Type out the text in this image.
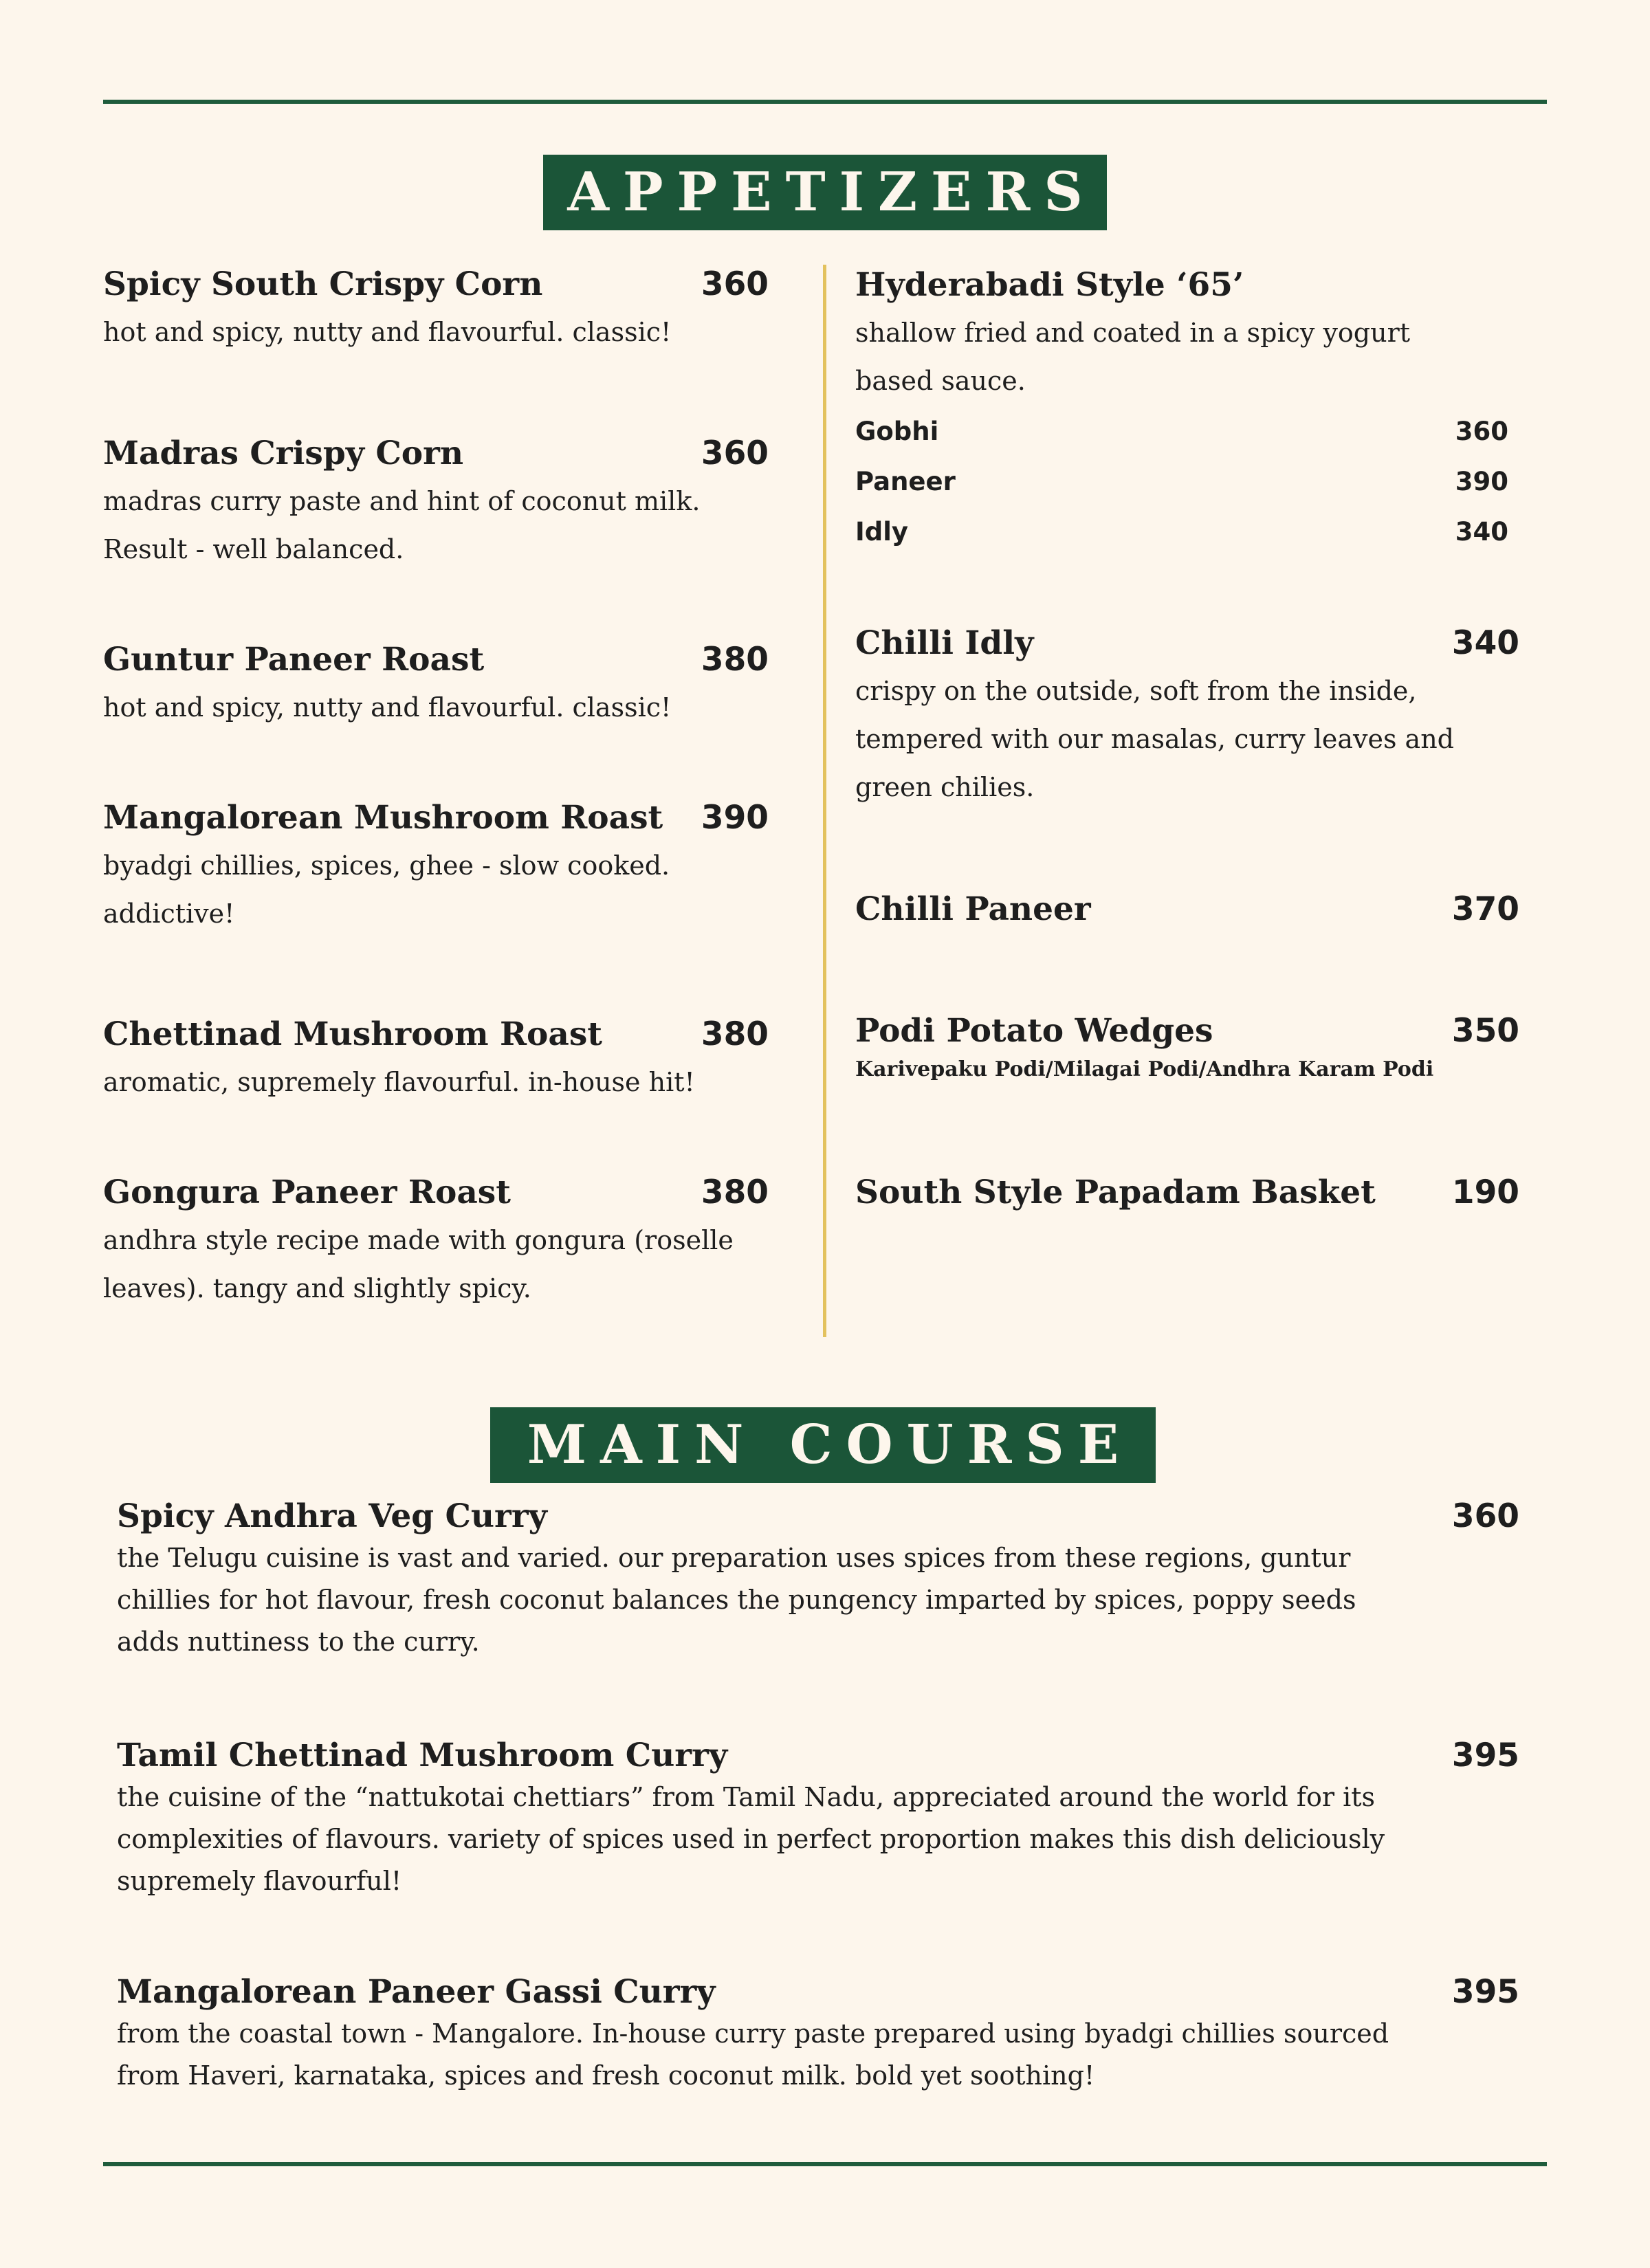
APPETIZERS
Spicy South Crispy Corn	360
hot and spicy, nutty and flavourful. classic!
Madras Crispy Corn	360
madras curry paste and hint of coconut milk. Result - well balanced.
Guntur Paneer Roast	380
hot and spicy, nutty and flavourful. classic!
Mangalorean Mushroom Roast 390
byadgi chillies, spices, ghee - slow cooked. addictive!
Chettinad Mushroom Roast	380
aromatic, supremely flavourful. in-house hit!
Gongura Paneer Roast	380
andhra style recipe made with gongura (roselle leaves). tangy and slightly spicy.
Hyderabadi Style ‘65’
shallow fried and coated in a spicy yogurt based sauce.
Gobhi	360
Paneer	390
Idly	340
Chilli Idly	340
crispy on the outside, soft from the inside, tempered with our masalas, curry leaves and green chilies.
Chilli Paneer	370
Podi Potato Wedges	350
Karivepaku Podi/Milagai Podi/Andhra Karam Podi
South Style Papadam Basket 190
MAIN COURSE
Spicy Andhra Veg Curry	360
the Telugu cuisine is vast and varied. our preparation uses spices from these regions, guntur chillies for hot flavour, fresh coconut balances the pungency imparted by spices, poppy seeds adds nuttiness to the curry.
Tamil Chettinad Mushroom Curry	395
the cuisine of the “nattukotai chettiars” from Tamil Nadu, appreciated around the world for its complexities of flavours. variety of spices used in perfect proportion makes this dish deliciously supremely flavourful!
Mangalorean Paneer Gassi Curry	395
from the coastal town - Mangalore. In-house curry paste prepared using byadgi chillies sourced from Haveri, karnataka, spices and fresh coconut milk. bold yet soothing!
